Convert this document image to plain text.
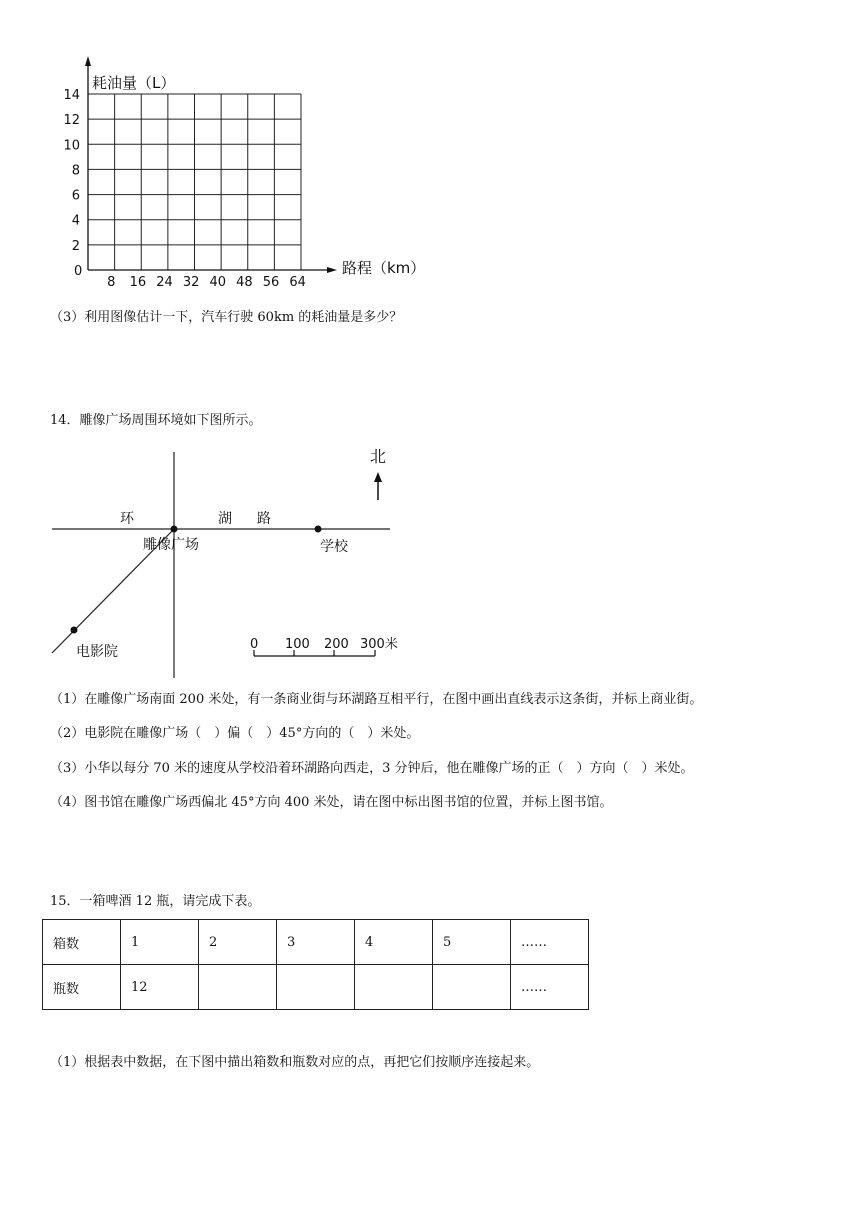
耗油量（L）
路程（km）
0
14
12
10
8
6
4
2
8 16 24 32 40 48 56 64
（3）利用图像估计一下，汽车行驶 60km 的耗油量是多少？
14．雕像广场周围环境如下图所示。
北
环	湖 路
雕像广场	学校
电影院	0 100 200 300米
（1）在雕像广场南面 200 米处，有一条商业街与环湖路互相平行，在图中画出直线表示这条街，并标上商业街。
（2）电影院在雕像广场（　）偏（　）45°方向的（　）米处。
（3）小华以每分 70 米的速度从学校沿着环湖路向西走，3 分钟后，他在雕像广场的正（　）方向（　）米处。
（4）图书馆在雕像广场西偏北 45°方向 400 米处，请在图中标出图书馆的位置，并标上图书馆。
15．一箱啤酒 12 瓶，请完成下表。
箱数	1	2	3	4	5	……
瓶数	12					……
（1）根据表中数据，在下图中描出箱数和瓶数对应的点，再把它们按顺序连接起来。
